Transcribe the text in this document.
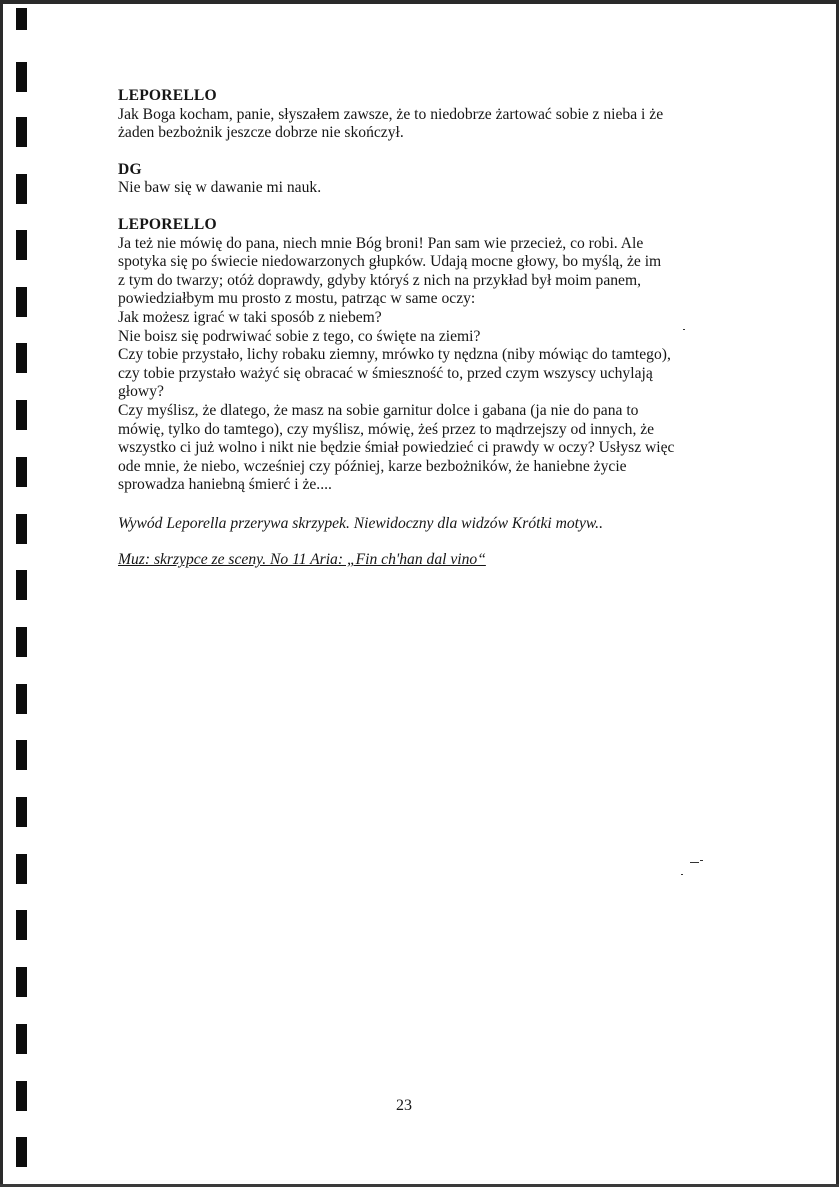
LEPORELLO
Jak Boga kocham, panie, słyszałem zawsze, że to niedobrze żartować sobie z nieba i że
żaden bezbożnik jeszcze dobrze nie skończył.
DG
Nie baw się w dawanie mi nauk.
LEPORELLO
Ja też nie mówię do pana, niech mnie Bóg broni! Pan sam wie przecież, co robi. Ale
spotyka się po świecie niedowarzonych głupków. Udają mocne głowy, bo myślą, że im
z tym do twarzy; otóż doprawdy, gdyby któryś z nich na przykład był moim panem,
powiedziałbym mu prosto z mostu, patrząc w same oczy:
Jak możesz igrać w taki sposób z niebem?
Nie boisz się podrwiwać sobie z tego, co święte na ziemi?
Czy tobie przystało, lichy robaku ziemny, mrówko ty nędzna (niby mówiąc do tamtego),
czy tobie przystało ważyć się obracać w śmieszność to, przed czym wszyscy uchylają
głowy?
Czy myślisz, że dlatego, że masz na sobie garnitur dolce i gabana (ja nie do pana to
mówię, tylko do tamtego), czy myślisz, mówię, żeś przez to mądrzejszy od innych, że
wszystko ci już wolno i nikt nie będzie śmiał powiedzieć ci prawdy w oczy? Usłysz więc
ode mnie, że niebo, wcześniej czy później, karze bezbożników, że haniebne życie
sprowadza haniebną śmierć i że....
Wywód Leporella przerywa skrzypek. Niewidoczny dla widzów Krótki motyw..
Muz: skrzypce ze sceny. No 11 Aria: „Fin ch'han dal vino“
23
